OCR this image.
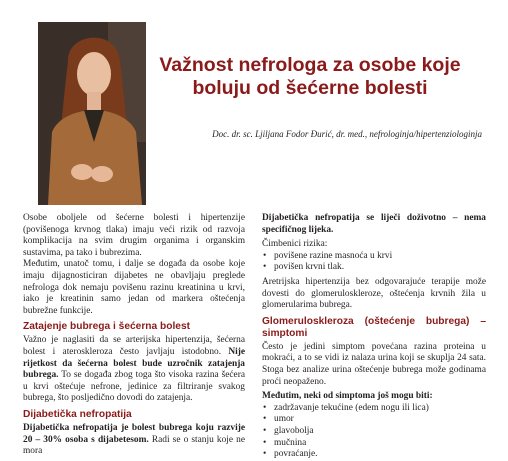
Važnost nefrologa za osobe koje
boluju od šećerne bolesti
Doc. dr. sc. Ljiljana Fodor Đurić, dr. med., nefrologinja/hipertenziologinja

Osobe oboljele od šećerne bolesti i hipertenzije (povišenoga krvnog tlaka) imaju veći rizik od razvoja komplikacija na svim drugim organima i organskim sustavima, pa tako i bubrezima.

Međutim, unatoč tomu, i dalje se događa da osobe koje imaju dijagnosticiran dijabetes ne obavljaju preglede nefrologa dok nemaju povišenu razinu kreatinina u krvi, iako je kreatinin samo jedan od markera oštećenja bubrežne funkcije.

Zatajenje bubrega i šećerna bolest

Važno je naglasiti da se arterijska hipertenzija, šećerna bolest i ateroskleroza često javljaju istodobno. Nije rijetkost da šećerna bolest bude uzročnik zatajenja bubrega. To se događa zbog toga što visoka razina šećera u krvi oštećuje nefrone, jedinice za filtriranje svakog bubrega, što posljedično dovodi do zatajenja.

Dijabetička nefropatija

Dijabetička nefropatija je bolest bubrega koju razvije 20 – 30% osoba s dijabetesom. Radi se o stanju koje ne mora

Dijabetička nefropatija se liječi doživotno – nema specifičnog lijeka.

Čimbenici rizika:

• povišene razine masnoća u krvi
• povišen krvni tlak.

Aretrijska hipertenzija bez odgovarajuće terapije može dovesti do glomeruloskleroze, oštećenja krvnih žila u glomerularima bubrega.

Glomeruloskleroza (oštećenje bubrega) – simptomi

Često je jedini simptom povećana razina proteina u mokraći, a to se vidi iz nalaza urina koji se skuplja 24 sata. Stoga bez analize urina oštećenje bubrega može godinama proći neopaženo.

Međutim, neki od simptoma još mogu biti:

• zadržavanje tekućine (edem nogu ili lica)
• umor
• glavobolja
• mučnina
• povraćanje.
